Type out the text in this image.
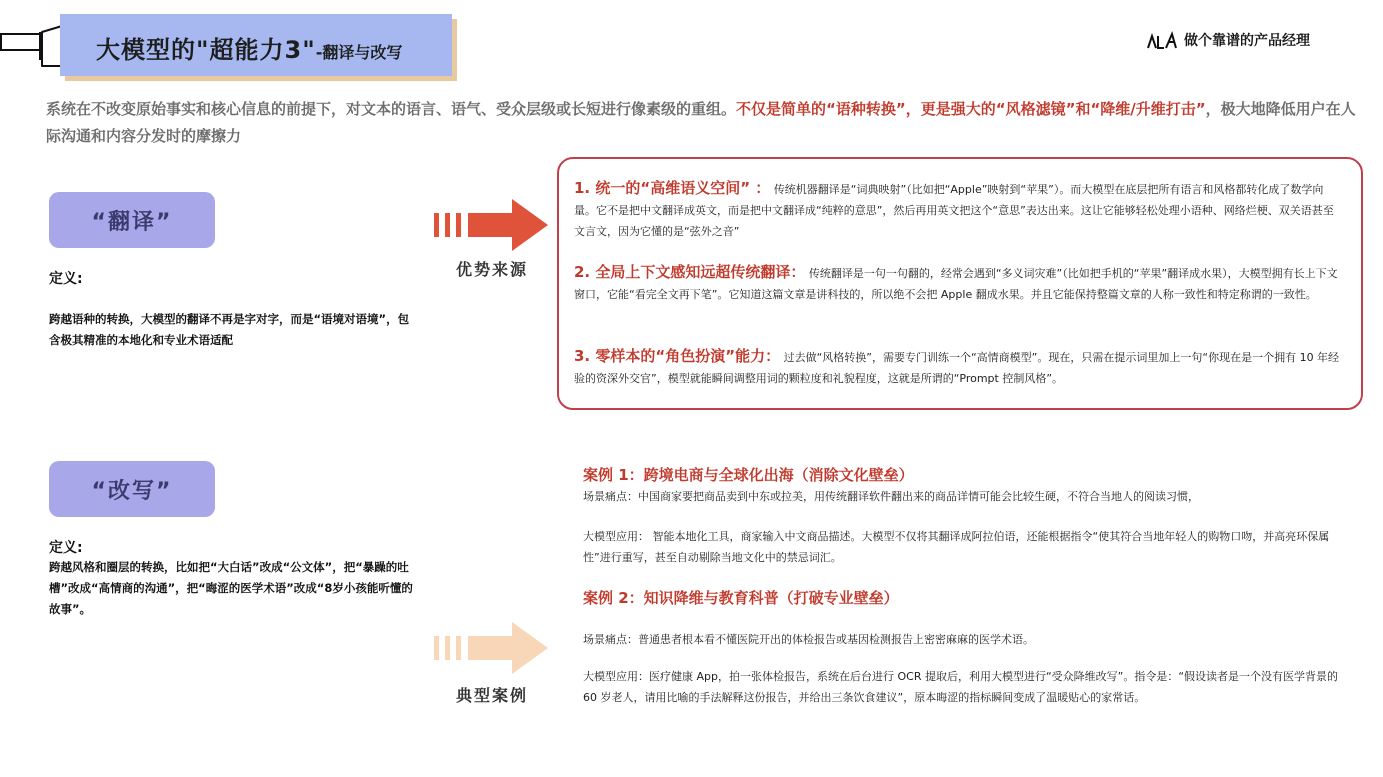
大模型的"超能力3"-翻译与改写
做个靠谱的产品经理
系统在不改变原始事实和核心信息的前提下，对文本的语言、语气、受众层级或长短进行像素级的重组。不仅是简单的“语种转换”，更是强大的“风格滤镜”和“降维/升维打击”，极大地降低用户在人际沟通和内容分发时的摩擦力
“翻译”
定义:
跨越语种的转换，大模型的翻译不再是字对字，而是“语境对语境”，包含极其精准的本地化和专业术语适配
“改写”
定义:
跨越风格和圈层的转换，比如把“大白话”改成“公文体”，把“暴躁的吐槽”改成“高情商的沟通”，把“晦涩的医学术语”改成“8岁小孩能听懂的故事”。
优势来源
典型案例
1. 统一的“高维语义空间” ： 传统机器翻译是“词典映射”（比如把“Apple”映射到“苹果”）。而大模型在底层把所有语言和风格都转化成了数学向量。它不是把中文翻译成英文，而是把中文翻译成“纯粹的意思”，然后再用英文把这个“意思”表达出来。这让它能够轻松处理小语种、网络烂梗、双关语甚至文言文，因为它懂的是“弦外之音”
2. 全局上下文感知远超传统翻译： 传统翻译是一句一句翻的，经常会遇到“多义词灾难”（比如把手机的“苹果”翻译成水果），大模型拥有长上下文窗口，它能“看完全文再下笔”。它知道这篇文章是讲科技的，所以绝不会把 Apple 翻成水果。并且它能保持整篇文章的人称一致性和特定称谓的一致性。
3. 零样本的“角色扮演”能力： 过去做“风格转换”，需要专门训练一个“高情商模型”。现在，只需在提示词里加上一句“你现在是一个拥有 10 年经验的资深外交官”，模型就能瞬间调整用词的颗粒度和礼貌程度，这就是所谓的“Prompt 控制风格”。
案例 1：跨境电商与全球化出海（消除文化壁垒）
场景痛点：中国商家要把商品卖到中东或拉美，用传统翻译软件翻出来的商品详情可能会比较生硬，不符合当地人的阅读习惯，
大模型应用： 智能本地化工具，商家输入中文商品描述。大模型不仅将其翻译成阿拉伯语，还能根据指令“使其符合当地年轻人的购物口吻，并高亮环保属性”进行重写，甚至自动剔除当地文化中的禁忌词汇。
案例 2：知识降维与教育科普（打破专业壁垒）
场景痛点：普通患者根本看不懂医院开出的体检报告或基因检测报告上密密麻麻的医学术语。
大模型应用：医疗健康 App，拍一张体检报告，系统在后台进行 OCR 提取后，利用大模型进行“受众降维改写”。指令是：“假设读者是一个没有医学背景的 60 岁老人，请用比喻的手法解释这份报告，并给出三条饮食建议”，原本晦涩的指标瞬间变成了温暖贴心的家常话。
